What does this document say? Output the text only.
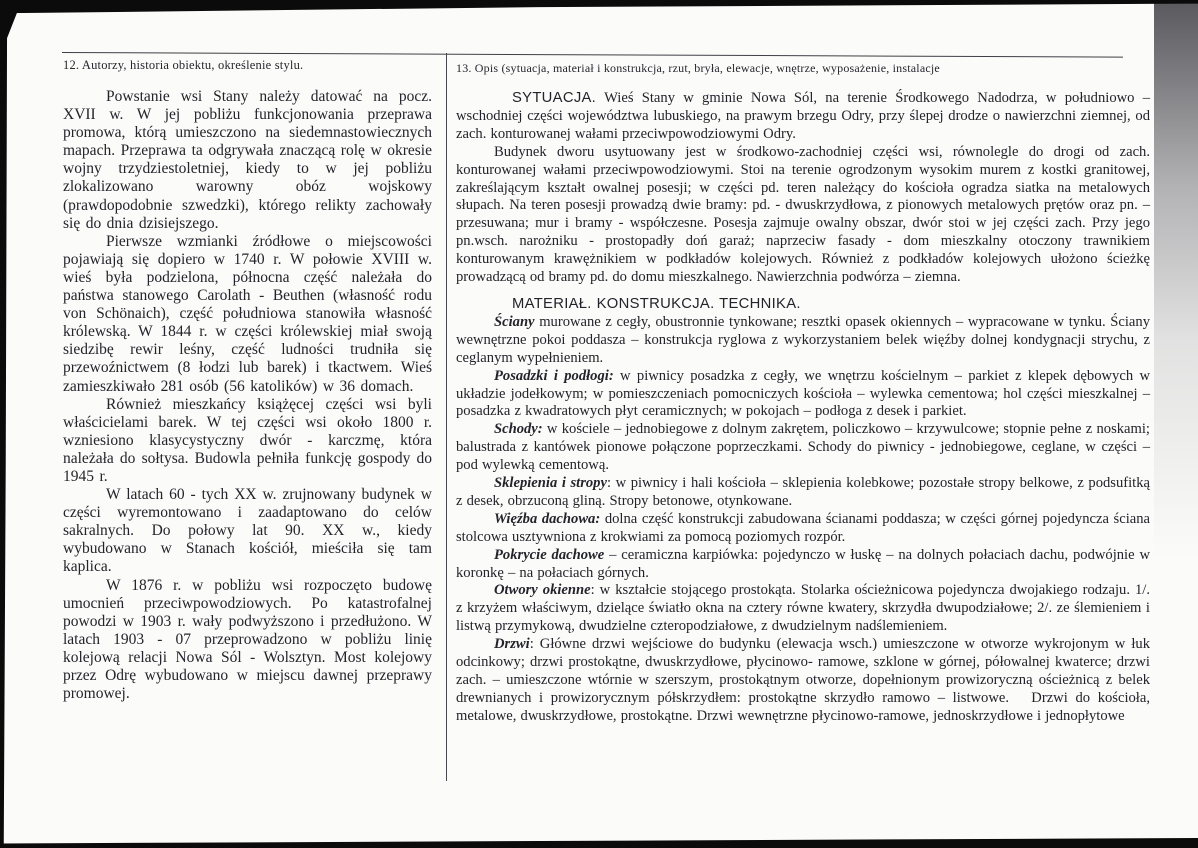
12. Autorzy, historia obiektu, określenie stylu.

Powstanie wsi Stany należy datować na pocz. XVII w. W jej pobliżu funkcjonowania przeprawa promowa, którą umieszczono na siedemnastowiecznych mapach. Przeprawa ta odgrywała znaczącą rolę w okresie wojny trzydziestoletniej, kiedy to w jej pobliżu zlokalizowano warowny obóz wojskowy (prawdopodobnie szwedzki), którego relikty zachowały się do dnia dzisiejszego.

Pierwsze wzmianki źródłowe o miejscowości pojawiają się dopiero w 1740 r. W połowie XVIII w. wieś była podzielona, północna część należała do państwa stanowego Carolath - Beuthen (własność rodu von Schönaich), część południowa stanowiła własność królewską. W 1844 r. w części królewskiej miał swoją siedzibę rewir leśny, część ludności trudniła się przewoźnictwem (8 łodzi lub barek) i tkactwem. Wieś zamieszkiwało 281 osób (56 katolików) w 36 domach.

Również mieszkańcy książęcej części wsi byli właścicielami barek. W tej części wsi około 1800 r. wzniesiono klasycystyczny dwór - karczmę, która należała do sołtysa. Budowla pełniła funkcję gospody do 1945 r.

W latach 60 - tych XX w. zrujnowany budynek w części wyremontowano i zaadaptowano do celów sakralnych. Do połowy lat 90. XX w., kiedy wybudowano w Stanach kościół, mieściła się tam kaplica.

W 1876 r. w pobliżu wsi rozpoczęto budowę umocnień przeciwpowodziowych. Po katastrofalnej powodzi w 1903 r. wały podwyższono i przedłużono. W latach 1903 - 07 przeprowadzono w pobliżu linię kolejową relacji Nowa Sól - Wolsztyn. Most kolejowy przez Odrę wybudowano w miejscu dawnej przeprawy promowej.

13. Opis (sytuacja, materiał i konstrukcja, rzut, bryła, elewacje, wnętrze, wyposażenie, instalacje

SYTUACJA. Wieś Stany w gminie Nowa Sól, na terenie Środkowego Nadodrza, w południowo – wschodniej części województwa lubuskiego, na prawym brzegu Odry, przy ślepej drodze o nawierzchni ziemnej, od zach. konturowanej wałami przeciwpowodziowymi Odry.

Budynek dworu usytuowany jest w środkowo-zachodniej części wsi, równolegle do drogi od zach. konturowanej wałami przeciwpowodziowymi. Stoi na terenie ogrodzonym wysokim murem z kostki granitowej, zakreślającym kształt owalnej posesji; w części pd. teren należący do kościoła ogradza siatka na metalowych słupach. Na teren posesji prowadzą dwie bramy: pd. - dwuskrzydłowa, z pionowych metalowych prętów oraz pn. – przesuwana; mur i bramy - współczesne. Posesja zajmuje owalny obszar, dwór stoi w jej części zach. Przy jego pn.wsch. narożniku - prostopadły doń garaż; naprzeciw fasady - dom mieszkalny otoczony trawnikiem konturowanym krawężnikiem w podkładów kolejowych. Również z podkładów kolejowych ułożono ścieżkę prowadzącą od bramy pd. do domu mieszkalnego. Nawierzchnia podwórza – ziemna.

MATERIAŁ. KONSTRUKCJA. TECHNIKA.

Ściany murowane z cegły, obustronnie tynkowane; resztki opasek okiennych – wypracowane w tynku. Ściany wewnętrzne pokoi poddasza – konstrukcja ryglowa z wykorzystaniem belek więźby dolnej kondygnacji strychu, z ceglanym wypełnieniem.

Posadzki i podłogi: w piwnicy posadzka z cegły, we wnętrzu kościelnym – parkiet z klepek dębowych w układzie jodełkowym; w pomieszczeniach pomocniczych kościoła – wylewka cementowa; hol części mieszkalnej – posadzka z kwadratowych płyt ceramicznych; w pokojach – podłoga z desek i parkiet.

Schody: w kościele – jednobiegowe z dolnym zakrętem, policzkowo – krzywulcowe; stopnie pełne z noskami; balustrada z kantówek pionowe połączone poprzeczkami. Schody do piwnicy - jednobiegowe, ceglane, w części – pod wylewką cementową.

Sklepienia i stropy: w piwnicy i hali kościoła – sklepienia kolebkowe; pozostałe stropy belkowe, z podsufitką z desek, obrzuconą gliną. Stropy betonowe, otynkowane.

Więźba dachowa: dolna część konstrukcji zabudowana ścianami poddasza; w części górnej pojedyncza ściana stolcowa usztywniona z krokwiami za pomocą poziomych rozpór.

Pokrycie dachowe – ceramiczna karpiówka: pojedynczo w łuskę – na dolnych połaciach dachu, podwójnie w koronkę – na połaciach górnych.

Otwory okienne: w kształcie stojącego prostokąta. Stolarka ościeżnicowa pojedyncza dwojakiego rodzaju. 1/. z krzyżem właściwym, dzielące światło okna na cztery równe kwatery, skrzydła dwupodziałowe; 2/. ze ślemieniem i listwą przymykową, dwudzielne czteropodziałowe, z dwudzielnym nadślemieniem.

Drzwi: Główne drzwi wejściowe do budynku (elewacja wsch.) umieszczone w otworze wykrojonym w łuk odcinkowy; drzwi prostokątne, dwuskrzydłowe, płycinowo- ramowe, szklone w górnej, półowalnej kwaterce; drzwi zach. – umieszczone wtórnie w szerszym, prostokątnym otworze, dopełnionym prowizoryczną ościeżnicą z belek drewnianych i prowizorycznym półskrzydłem: prostokątne skrzydło ramowo – listwowe.  Drzwi do kościoła, metalowe, dwuskrzydłowe, prostokątne. Drzwi wewnętrzne płycinowo-ramowe, jednoskrzydłowe i jednopłytowe
